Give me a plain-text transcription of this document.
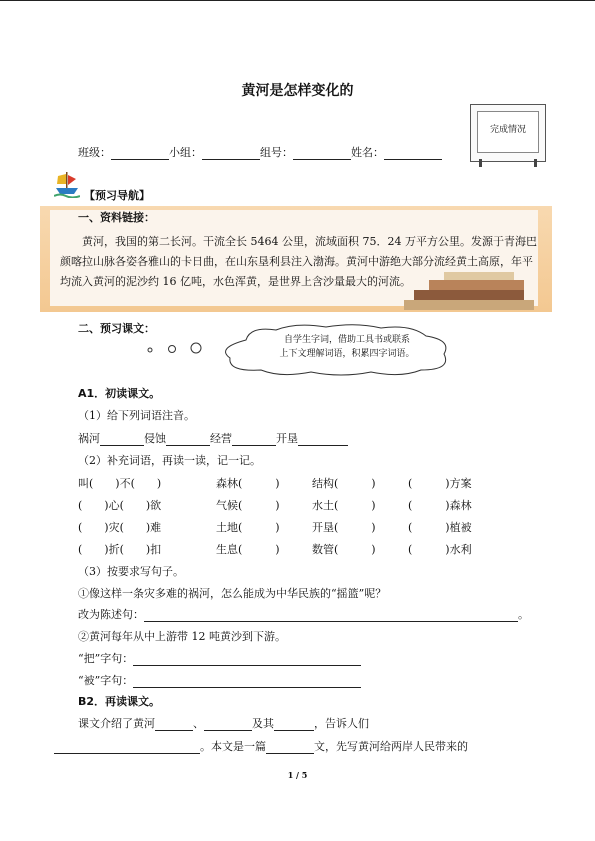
黄河是怎样变化的
完成情况
班级：	小组：	组号：	姓名：
【预习导航】
一、资料链接：
黄河，我国的第二长河。干流全长 5464 公里，流域面积 75．24 万平方公里。发源于青海巴颜喀拉山脉各姿各雅山的卡日曲，在山东垦利县注入渤海。黄河中游绝大部分流经黄土高原，年平均流入黄河的泥沙约 16 亿吨，水色浑黄，是世界上含沙量最大的河流。
二、预习课文：
自学生字词，借助工具书或联系
上下文理解词语，积累四字词语。
A1．初读课文。
（1）给下列词语注音。
祸河	侵蚀	经营	开垦
（2）补充词语，再读一读，记一记。
叫(　　)不(　　)	森林(　　　)	结构(　　　)	(　　　)方案
(　　)心(　　)欲	气候(　　　)	水土(　　　)	(　　　)森林
(　　)灾(　　)难	土地(　　　)	开垦(　　　)	(　　　)植被
(　　)折(　　)扣	生息(　　　)	数管(　　　)	(　　　)水利
（3）按要求写句子。
①像这样一条灾多难的祸河，怎么能成为中华民族的“摇篮”呢？
改为陈述句：	。
②黄河每年从中上游带 12 吨黄沙到下游。
“把”字句：
“被”字句：
B2．再读课文。
课文介绍了黄河	、	及其	，告诉人们
。本文是一篇	文，先写黄河给两岸人民带来的
1 / 5
